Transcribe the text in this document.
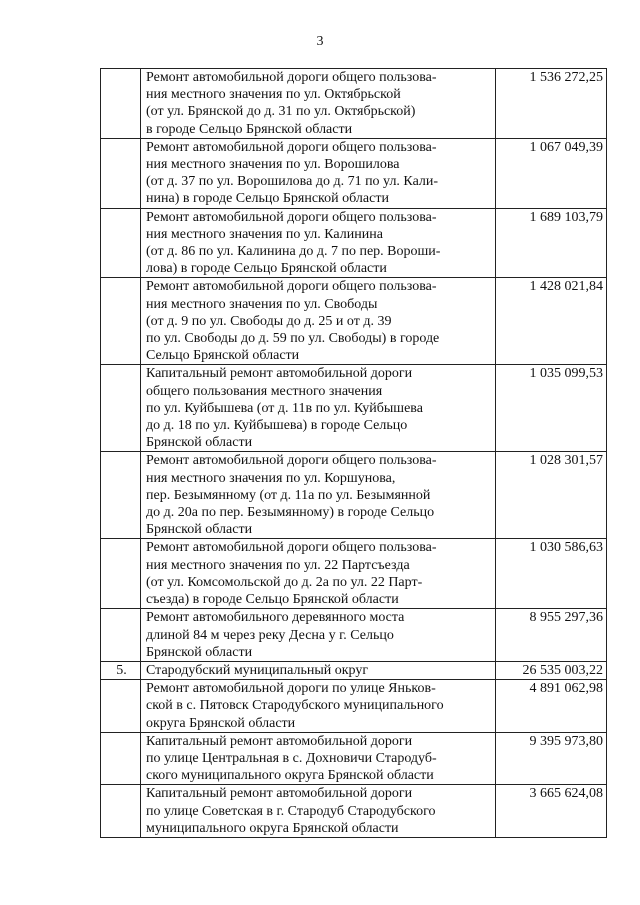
3
	Ремонт автомобильной дороги общего пользова-
ния местного значения по ул. Октябрьской
(от ул. Брянской до д. 31 по ул. Октябрьской)
в городе Сельцо Брянской области	1 536 272,25
	Ремонт автомобильной дороги общего пользова-
ния местного значения по ул. Ворошилова
(от д. 37 по ул. Ворошилова до д. 71 по ул. Кали-
нина) в городе Сельцо Брянской области	1 067 049,39
	Ремонт автомобильной дороги общего пользова-
ния местного значения по ул. Калинина
(от д. 86 по ул. Калинина до д. 7 по пер. Вороши-
лова) в городе Сельцо Брянской области	1 689 103,79
	Ремонт автомобильной дороги общего пользова-
ния местного значения по ул. Свободы
(от д. 9 по ул. Свободы до д. 25 и от д. 39
по ул. Свободы до д. 59 по ул. Свободы) в городе
Сельцо Брянской области	1 428 021,84
	Капитальный ремонт автомобильной дороги
общего пользования местного значения
по ул. Куйбышева (от д. 11в по ул. Куйбышева
до д. 18 по ул. Куйбышева) в городе Сельцо
Брянской области	1 035 099,53
	Ремонт автомобильной дороги общего пользова-
ния местного значения по ул. Коршунова,
пер. Безымянному (от д. 11а по ул. Безымянной
до д. 20а по пер. Безымянному) в городе Сельцо
Брянской области	1 028 301,57
	Ремонт автомобильной дороги общего пользова-
ния местного значения по ул. 22 Партсъезда
(от ул. Комсомольской до д. 2а по ул. 22 Парт-
съезда) в городе Сельцо Брянской области	1 030 586,63
	Ремонт автомобильного деревянного моста
длиной 84 м через реку Десна у г. Сельцо
Брянской области	8 955 297,36
5.	Стародубский муниципальный округ	26 535 003,22
	Ремонт автомобильной дороги по улице Яньков-
ской в с. Пятовск Стародубского муниципального
округа Брянской области	4 891 062,98
	Капитальный ремонт автомобильной дороги
по улице Центральная в с. Дохновичи Стародуб-
ского муниципального округа Брянской области	9 395 973,80
	Капитальный ремонт автомобильной дороги
по улице Советская в г. Стародуб Стародубского
муниципального округа Брянской области	3 665 624,08
